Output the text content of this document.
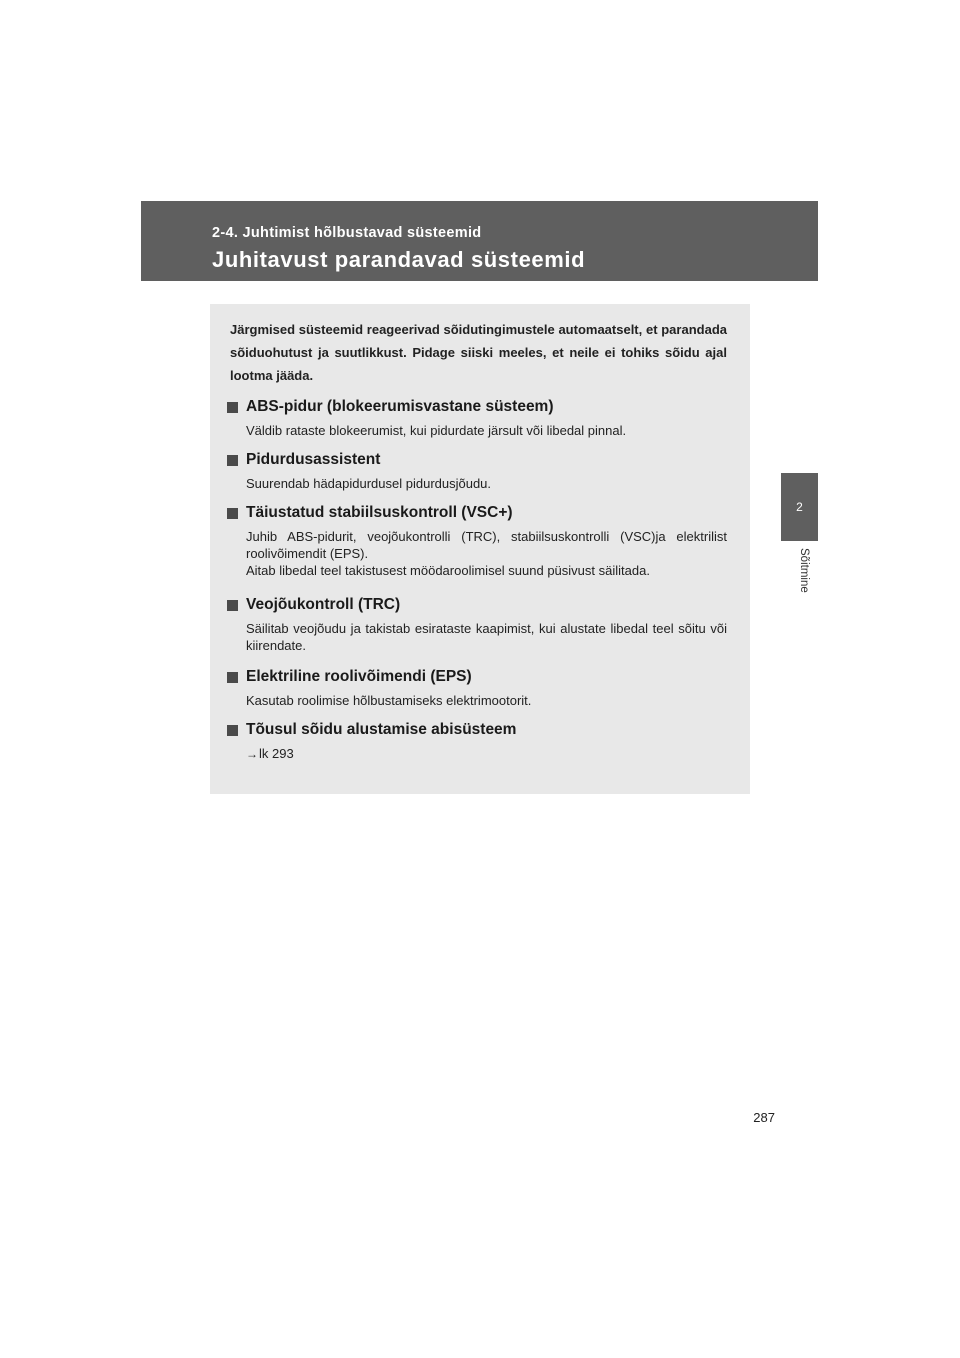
2-4. Juhtimist hõlbustavad süsteemid
Juhitavust parandavad süsteemid
2
Sõitmine
Järgmised süsteemid reageerivad sõidutingimustele automaatselt, et parandada sõiduohutust ja suutlikkust. Pidage siiski meeles, et neile ei tohiks sõidu ajal lootma jääda.
ABS-pidur (blokeerumisvastane süsteem)

Väldib rataste blokeerumist, kui pidurdate järsult või libedal pinnal.

Pidurdusassistent

Suurendab hädapidurdusel pidurdusjõudu.

Täiustatud stabiilsuskontroll (VSC+)

Juhib ABS-pidurit, veojõukontrolli (TRC), stabiilsuskontrolli (VSC)ja elektrilist roolivõimendit (EPS).

Aitab libedal teel takistusest möödaroolimisel suund püsivust säilitada.

Veojõukontroll (TRC)

Säilitab veojõudu ja takistab esirataste kaapimist, kui alustate libedal teel sõitu või kiirendate.

Elektriline roolivõimendi (EPS)

Kasutab roolimise hõlbustamiseks elektrimootorit.

Tõusul sõidu alustamise abisüsteem

→lk 293

287
